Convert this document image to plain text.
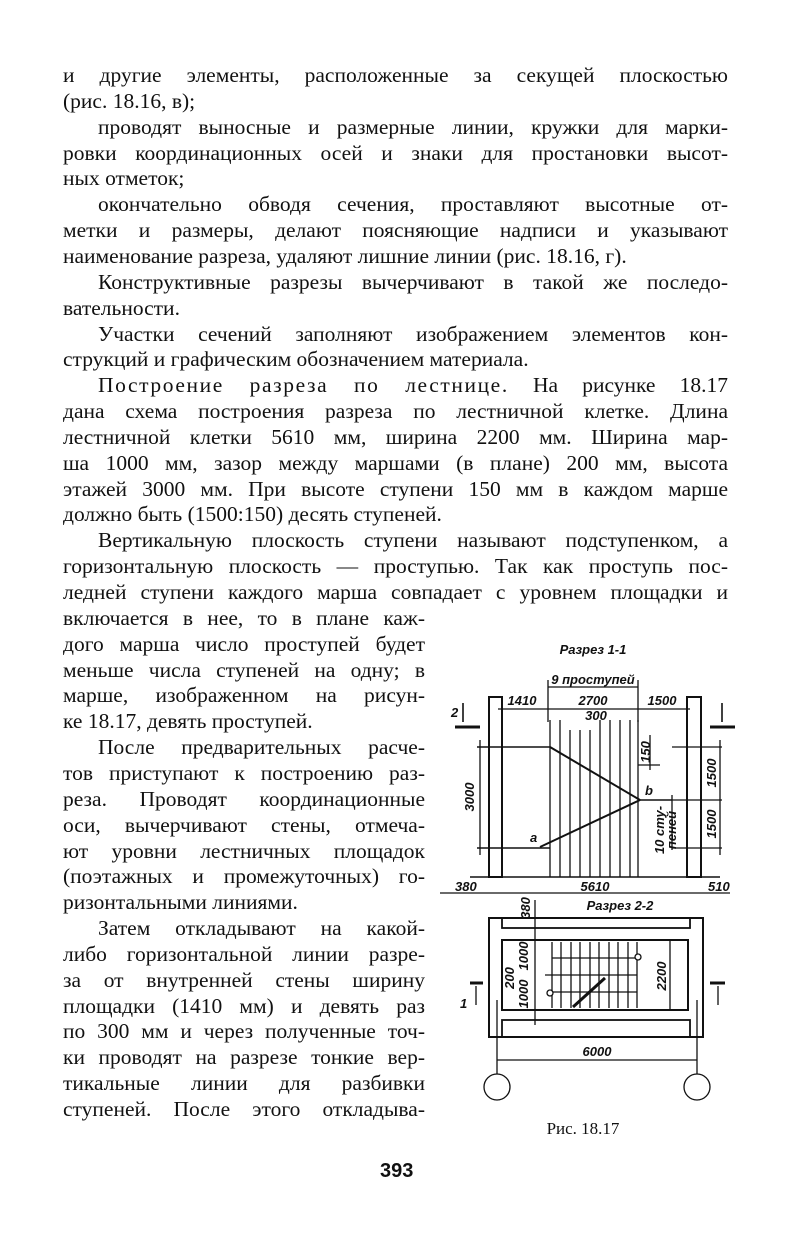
и другие элементы, расположенные за секущей плоскостью
(рис. 18.16, в);
проводят выносные и размерные линии, кружки для марки-
ровки координационных осей и знаки для простановки высот-
ных отметок;
окончательно обводя сечения, проставляют высотные от-
метки и размеры, делают поясняющие надписи и указывают
наименование разреза, удаляют лишние линии (рис. 18.16, г).
Конструктивные разрезы вычерчивают в такой же последо-
вательности.
Участки сечений заполняют изображением элементов кон-
струкций и графическим обозначением материала.
Построение разреза по лестнице. На рисунке 18.17
дана схема построения разреза по лестничной клетке. Длина
лестничной клетки 5610 мм, ширина 2200 мм. Ширина мар-
ша 1000 мм, зазор между маршами (в плане) 200 мм, высота
этажей 3000 мм. При высоте ступени 150 мм в каждом марше
должно быть (1500:150) десять ступеней.
Вертикальную плоскость ступени называют подступенком, а
горизонтальную плоскость — проступью. Так как проступь пос-
ледней ступени каждого марша совпадает с уровнем площадки и
включается в нее, то в плане каж-
дого марша число проступей будет
меньше числа ступеней на одну; в
марше, изображенном на рисун-
ке 18.17, девять проступей.
После предварительных расче-
тов приступают к построению раз-
реза. Проводят координационные
оси, вычерчивают стены, отмеча-
ют уровни лестничных площадок
(поэтажных и промежуточных) го-
ризонтальными линиями.
Затем откладывают на какой-
либо горизонтальной линии разре-
за от внутренней стены ширину
площадки (1410 мм) и девять раз
по 300 мм и через полученные точ-
ки проводят на разрезе тонкие вер-
тикальные линии для разбивки
ступеней. После этого откладыва-
Разрез 1-1
9 проступей
1410	2700	1500
300
150
3000
1500
1500
10 сту-
пеней
a
b
2
380	5610	510
Разрез 2-2
380
200
1000
1000
2200
1
6000
Рис. 18.17
393
